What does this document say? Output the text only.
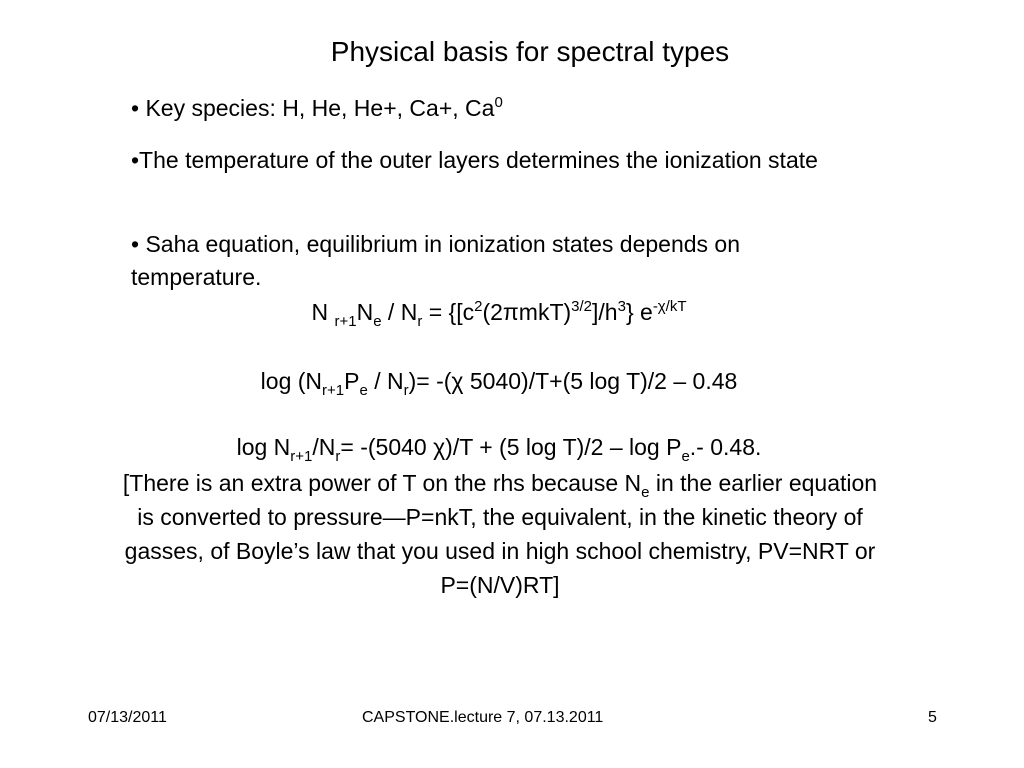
Physical basis for spectral types
• Key species: H, He, He+, Ca+, Ca$^0$
•The temperature of the outer layers determines the ionization state
• Saha equation, equilibrium in ionization states depends on temperature.
N $_{r+1}N_e / N_r = \{[c^2(2\pi mkT)^{3/2}]/h^3\}$ $e^{-\chi/kT}$
$\log (N_{r+1}P_e / N_r)= -(\chi$ 5040)/T+(5 log T)/2 – 0.48
$\log N_{r+1}/N_r= -(5040$ χ)/T + (5 $\log T)/2 - \log P_e.-$ 0.48.
[There is an extra power of T on the rhs because $N_e$ in the earlier equation is converted to pressure—P=nkT, the equivalent, in the kinetic theory of gasses, of Boyle’s law that you used in high school chemistry, PV=NRT or P=(N/V)RT]
07/13/2011	CAPSTONE.lecture 7, 07.13.2011	5
